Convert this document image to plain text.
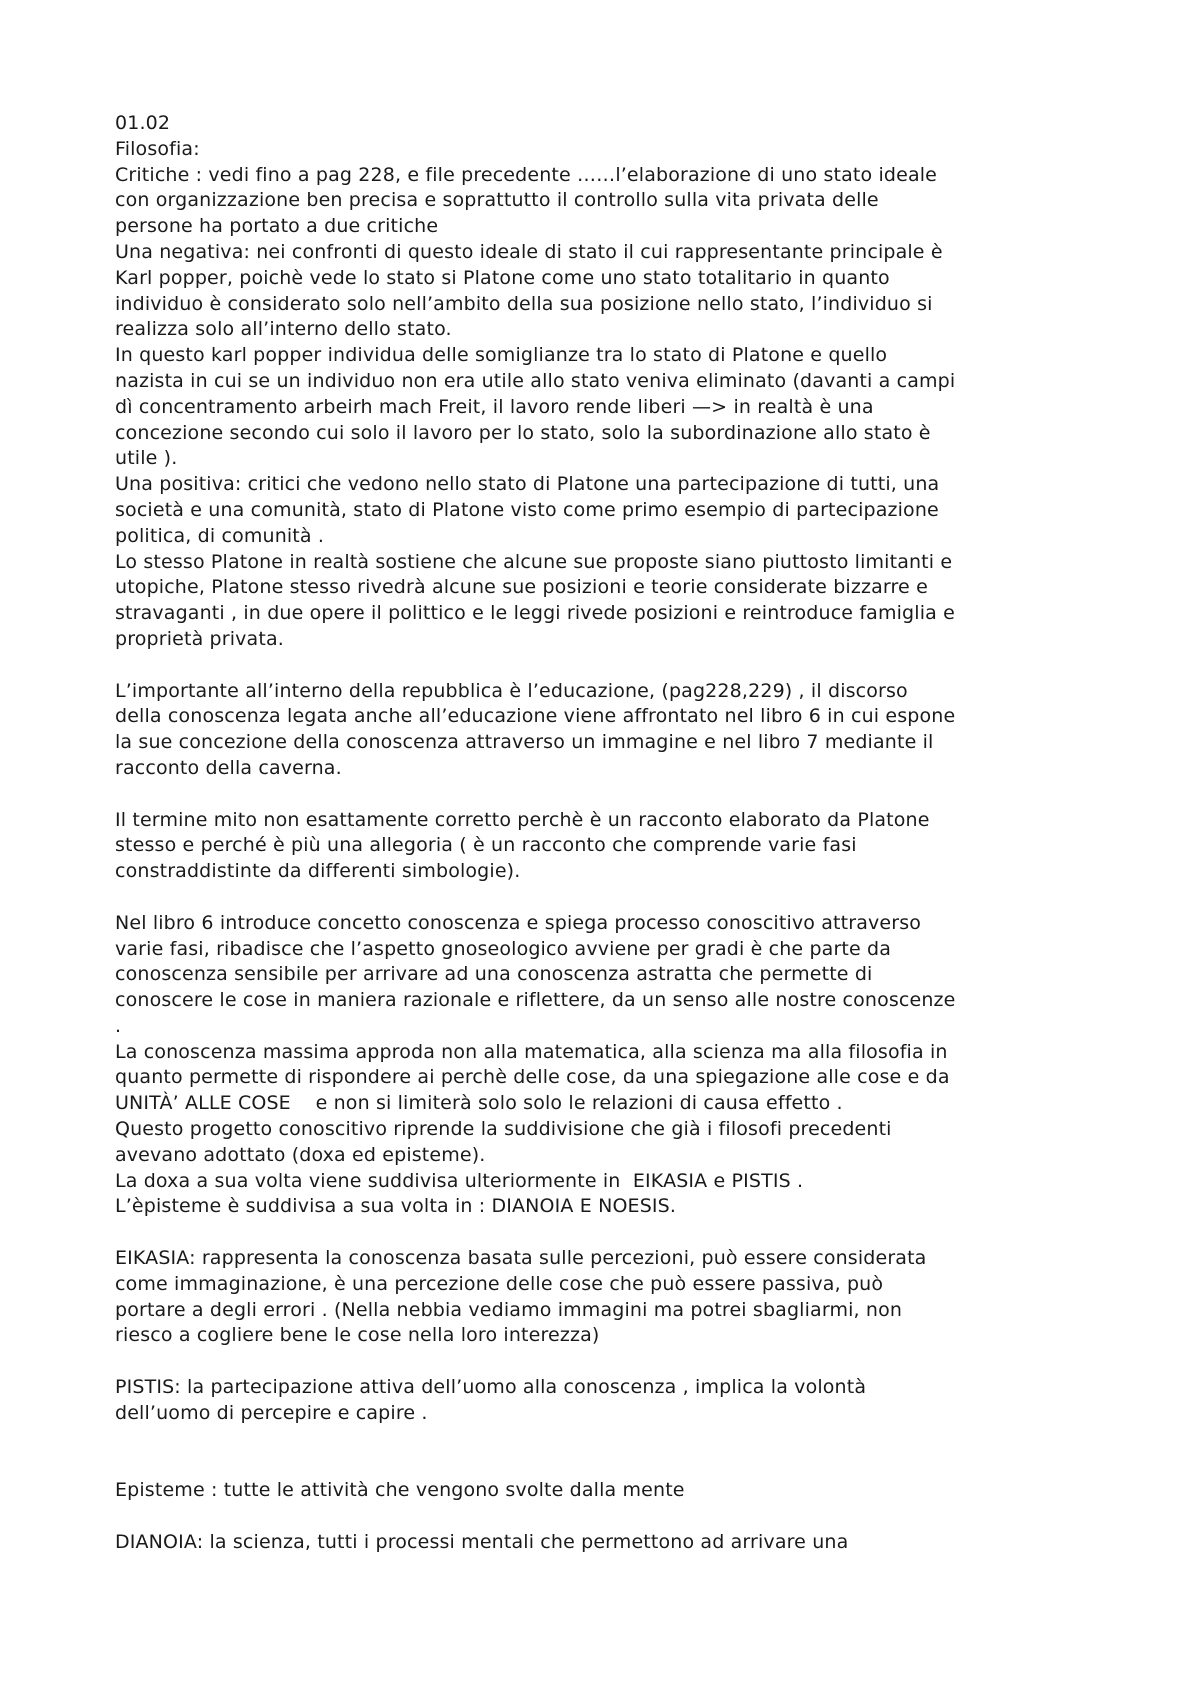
01.02
Filosofia:
Critiche : vedi fino a pag 228, e file precedente ……l’elaborazione di uno stato ideale
con organizzazione ben precisa e soprattutto il controllo sulla vita privata delle
persone ha portato a due critiche
Una negativa: nei confronti di questo ideale di stato il cui rappresentante principale è
Karl popper, poichè vede lo stato si Platone come uno stato totalitario in quanto
individuo è considerato solo nell’ambito della sua posizione nello stato, l’individuo si
realizza solo all’interno dello stato.
In questo karl popper individua delle somiglianze tra lo stato di Platone e quello
nazista in cui se un individuo non era utile allo stato veniva eliminato (davanti a campi
dì concentramento arbeirh mach Freit, il lavoro rende liberi —> in realtà è una
concezione secondo cui solo il lavoro per lo stato, solo la subordinazione allo stato è
utile ).
Una positiva: critici che vedono nello stato di Platone una partecipazione di tutti, una
società e una comunità, stato di Platone visto come primo esempio di partecipazione
politica, di comunità .
Lo stesso Platone in realtà sostiene che alcune sue proposte siano piuttosto limitanti e
utopiche, Platone stesso rivedrà alcune sue posizioni e teorie considerate bizzarre e
stravaganti , in due opere il polittico e le leggi rivede posizioni e reintroduce famiglia e
proprietà privata.
L’importante all’interno della repubblica è l’educazione, (pag228,229) , il discorso
della conoscenza legata anche all’educazione viene affrontato nel libro 6 in cui espone
la sue concezione della conoscenza attraverso un immagine e nel libro 7 mediante il
racconto della caverna.
Il termine mito non esattamente corretto perchè è un racconto elaborato da Platone
stesso e perché è più una allegoria ( è un racconto che comprende varie fasi
constraddistinte da differenti simbologie).
Nel libro 6 introduce concetto conoscenza e spiega processo conoscitivo attraverso
varie fasi, ribadisce che l’aspetto gnoseologico avviene per gradi è che parte da
conoscenza sensibile per arrivare ad una conoscenza astratta che permette di
conoscere le cose in maniera razionale e riflettere, da un senso alle nostre conoscenze
.
La conoscenza massima approda non alla matematica, alla scienza ma alla filosofia in
quanto permette di rispondere ai perchè delle cose, da una spiegazione alle cose e da
UNITÀ’ ALLE COSE    e non si limiterà solo solo le relazioni di causa effetto .
Questo progetto conoscitivo riprende la suddivisione che già i filosofi precedenti
avevano adottato (doxa ed episteme).
La doxa a sua volta viene suddivisa ulteriormente in  EIKASIA e PISTIS .
L’èpisteme è suddivisa a sua volta in : DIANOIA E NOESIS.
EIKASIA: rappresenta la conoscenza basata sulle percezioni, può essere considerata
come immaginazione, è una percezione delle cose che può essere passiva, può
portare a degli errori . (Nella nebbia vediamo immagini ma potrei sbagliarmi, non
riesco a cogliere bene le cose nella loro interezza)
PISTIS: la partecipazione attiva dell’uomo alla conoscenza , implica la volontà
dell’uomo di percepire e capire .
Episteme : tutte le attività che vengono svolte dalla mente
DIANOIA: la scienza, tutti i processi mentali che permettono ad arrivare una
